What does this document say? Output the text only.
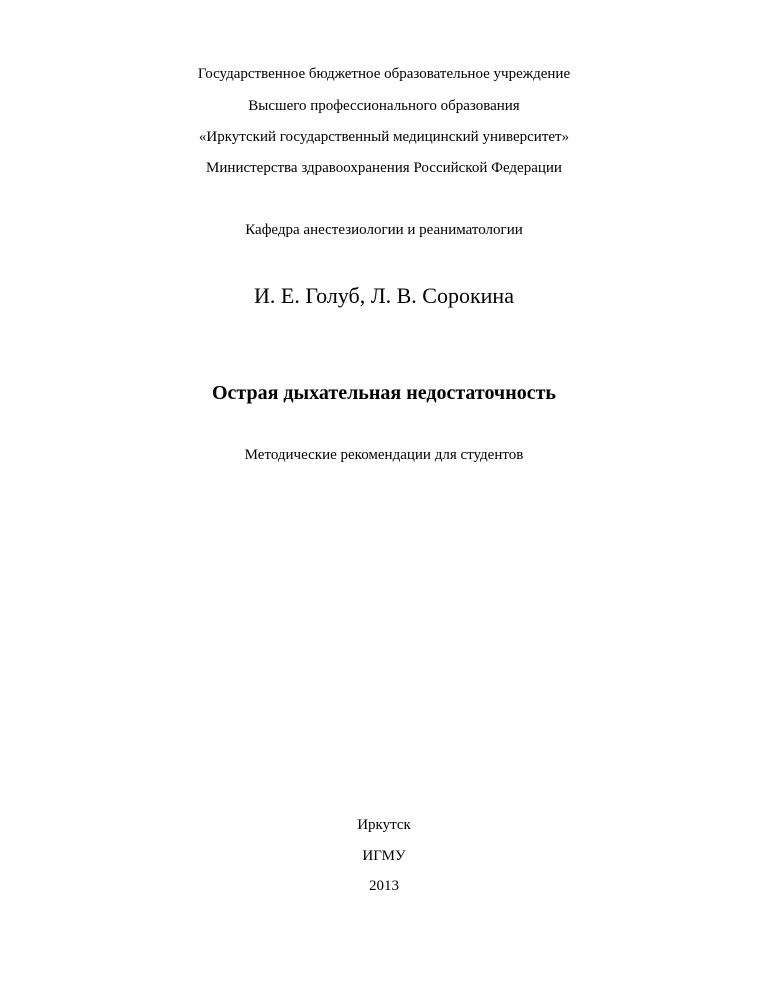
Государственное бюджетное образовательное учреждение
Высшего профессионального образования
«Иркутский государственный медицинский университет»
Министерства здравоохранения Российской Федерации
Кафедра анестезиологии и реаниматологии
И. Е. Голуб, Л. В. Сорокина
Острая дыхательная недостаточность
Методические рекомендации для студентов
Иркутск
ИГМУ
2013
